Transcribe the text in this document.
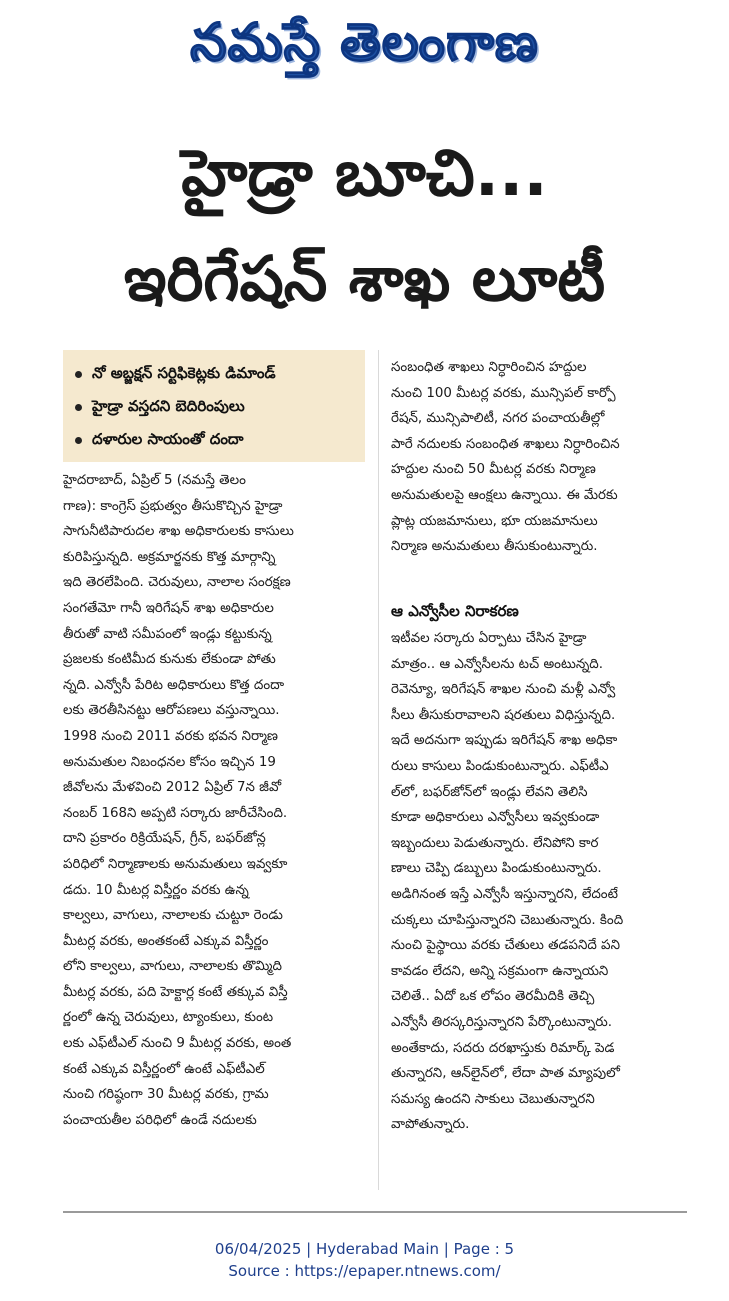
నమస్తే తెలంగాణ
హైడ్రా బూచి...
ఇరిగేషన్ శాఖ లూటీ
నో అబ్జక్షన్ సర్టిఫికెట్లకు డిమాండ్
హైడ్రా వస్తదని బెదిరింపులు
దళారుల సాయంతో దందా

హైదరాబాద్, ఏప్రిల్ 5 (నమస్తే తెలం

గాణ): కాంగ్రెస్ ప్రభుత్వం తీసుకొచ్చిన హైడ్రా

సాగునీటిపారుదల శాఖ అధికారులకు కాసులు

కురిపిస్తున్నది. అక్రమార్జనకు కొత్త మార్గాన్ని

ఇది తెరలేపింది. చెరువులు, నాలాల సంరక్షణ

సంగతేమో గానీ ఇరిగేషన్ శాఖ అధికారుల

తీరుతో వాటి సమీపంలో ఇండ్లు కట్టుకున్న

ప్రజలకు కంటిమీద కునుకు లేకుండా పోతు

న్నది. ఎన్వోసీ పేరిట అధికారులు కొత్త దందా

లకు తెరతీసినట్టు ఆరోపణలు వస్తున్నాయి.

1998 నుంచి 2011 వరకు భవన నిర్మాణ

అనుమతుల నిబంధనల కోసం ఇచ్చిన 19

జీవోలను మేళవించి 2012 ఏప్రిల్ 7న జీవో

నంబర్ 168ని అప్పటి సర్కారు జారీచేసింది.

దాని ప్రకారం రిక్రియేషన్, గ్రీన్, బఫర్‌జోన్ల

పరిధిలో నిర్మాణాలకు అనుమతులు ఇవ్వకూ

డదు. 10 మీటర్ల విస్తీర్ణం వరకు ఉన్న

కాల్వలు, వాగులు, నాలాలకు చుట్టూ రెండు

మీటర్ల వరకు, అంతకంటే ఎక్కువ విస్తీర్ణం

లోని కాల్వలు, వాగులు, నాలాలకు తొమ్మిది

మీటర్ల వరకు, పది హెక్టార్ల కంటే తక్కువ విస్తీ

ర్ణంలో ఉన్న చెరువులు, ట్యాంకులు, కుంట

లకు ఎఫ్‌టీఎల్ నుంచి 9 మీటర్ల వరకు, అంత

కంటే ఎక్కువ విస్తీర్ణంలో ఉంటే ఎఫ్‌టీఎల్

నుంచి గరిష్ఠంగా 30 మీటర్ల వరకు, గ్రామ

పంచాయతీల పరిధిలో ఉండే నదులకు

సంబంధిత శాఖలు నిర్ధారించిన హద్దుల

నుంచి 100 మీటర్ల వరకు, మున్సిపల్ కార్పో

రేషన్, మున్సిపాలిటీ, నగర పంచాయతీల్లో

పారే నదులకు సంబంధిత శాఖలు నిర్ధారించిన

హద్దుల నుంచి 50 మీటర్ల వరకు నిర్మాణ

అనుమతులపై ఆంక్షలు ఉన్నాయి. ఈ మేరకు

ప్లాట్ల యజమానులు, భూ యజమానులు

నిర్మాణ అనుమతులు తీసుకుంటున్నారు.

ఆ ఎన్వోసీల నిరాకరణ

ఇటీవల సర్కారు ఏర్పాటు చేసిన హైడ్రా

మాత్రం.. ఆ ఎన్వోసీలను టచ్ అంటున్నది.

రెవెన్యూ, ఇరిగేషన్ శాఖల నుంచి మళ్లీ ఎన్వో

సీలు తీసుకురావాలని షరతులు విధిస్తున్నది.

ఇదే అదనుగా ఇప్పుడు ఇరిగేషన్ శాఖ అధికా

రులు కాసులు పిండుకుంటున్నారు. ఎఫ్‌టీఎ

ల్‌లో, బఫర్‌జోన్‌లో ఇండ్లు లేవని తెలిసి

కూడా అధికారులు ఎన్వోసీలు ఇవ్వకుండా

ఇబ్బందులు పెడుతున్నారు. లేనిపోని కార

ణాలు చెప్పి డబ్బులు పిండుకుంటున్నారు.

అడిగినంత ఇస్తే ఎన్వోసీ ఇస్తున్నారని, లేదంటే

చుక్కలు చూపిస్తున్నారని చెబుతున్నారు. కింది

నుంచి పైస్థాయి వరకు చేతులు తడపనిదే పని

కావడం లేదని, అన్ని సక్రమంగా ఉన్నాయని

చెలితే.. ఏదో ఒక లోపం తెరమీదికి తెచ్చి

ఎన్వోసీ తిరస్కరిస్తున్నారని పేర్కొంటున్నారు.

అంతేకాదు, సదరు దరఖాస్తుకు రిమార్క్ పెడ

తున్నారని, ఆన్‌లైన్‌లో, లేదా పాత మ్యాపులో

సమస్య ఉందని సాకులు చెబుతున్నారని

వాపోతున్నారు.

06/04/2025 | Hyderabad Main | Page : 5
Source : https://epaper.ntnews.com/
